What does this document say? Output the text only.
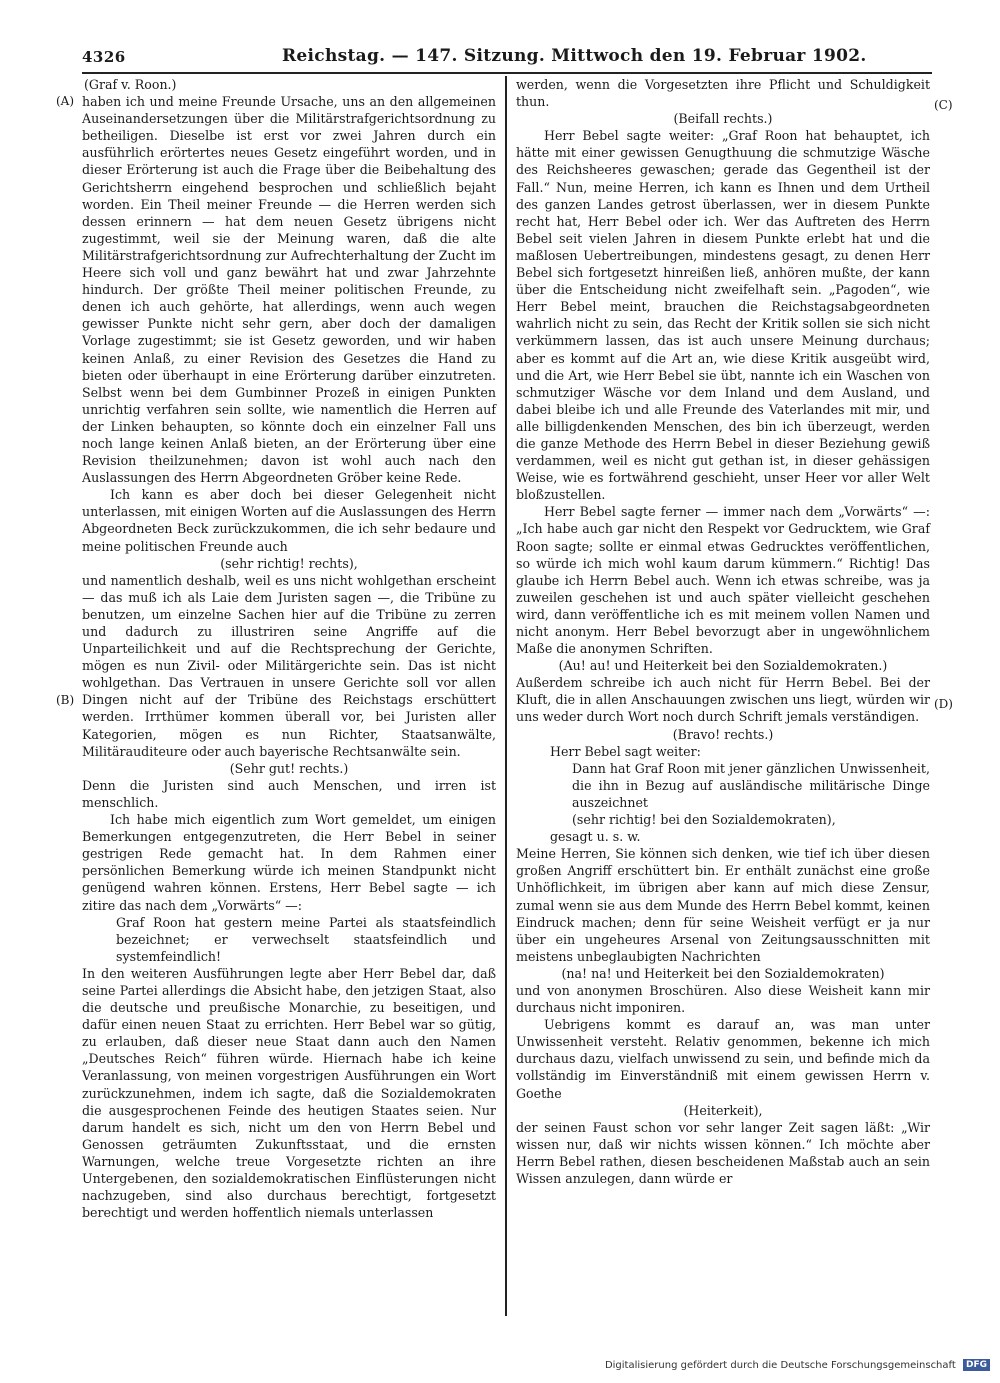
4326	Reichstag. — 147. Sitzung. Mittwoch den 19. Februar 1902.
(A)
(B)
(C)
(D)

(Graf v. Roon.)

haben ich und meine Freunde Ursache, uns an den allgemeinen Auseinandersetzungen über die Militärstrafgerichtsordnung zu betheiligen. Dieselbe ist erst vor zwei Jahren durch ein ausführlich erörtertes neues Gesetz eingeführt worden, und in dieser Erörterung ist auch die Frage über die Beibehaltung des Gerichtsherrn eingehend besprochen und schließlich bejaht worden. Ein Theil meiner Freunde — die Herren werden sich dessen erinnern — hat dem neuen Gesetz übrigens nicht zugestimmt, weil sie der Meinung waren, daß die alte Militärstrafgerichtsordnung zur Aufrechterhaltung der Zucht im Heere sich voll und ganz bewährt hat und zwar Jahrzehnte hindurch. Der größte Theil meiner politischen Freunde, zu denen ich auch gehörte, hat allerdings, wenn auch wegen gewisser Punkte nicht sehr gern, aber doch der damaligen Vorlage zugestimmt; sie ist Gesetz geworden, und wir haben keinen Anlaß, zu einer Revision des Gesetzes die Hand zu bieten oder überhaupt in eine Erörterung darüber einzutreten. Selbst wenn bei dem Gumbinner Prozeß in einigen Punkten unrichtig verfahren sein sollte, wie namentlich die Herren auf der Linken behaupten, so könnte doch ein einzelner Fall uns noch lange keinen Anlaß bieten, an der Erörterung über eine Revision theilzunehmen; davon ist wohl auch nach den Auslassungen des Herrn Abgeordneten Gröber keine Rede.

Ich kann es aber doch bei dieser Gelegenheit nicht unterlassen, mit einigen Worten auf die Auslassungen des Herrn Abgeordneten Beck zurückzukommen, die ich sehr bedaure und meine politischen Freunde auch

(sehr richtig! rechts),

und namentlich deshalb, weil es uns nicht wohlgethan erscheint — das muß ich als Laie dem Juristen sagen —, die Tribüne zu benutzen, um einzelne Sachen hier auf die Tribüne zu zerren und dadurch zu illustriren seine Angriffe auf die Unparteilichkeit und auf die Rechtsprechung der Gerichte, mögen es nun Zivil- oder Militärgerichte sein. Das ist nicht wohlgethan. Das Vertrauen in unsere Gerichte soll vor allen Dingen nicht auf der Tribüne des Reichstags erschüttert werden. Irrthümer kommen überall vor, bei Juristen aller Kategorien, mögen es nun Richter, Staatsanwälte, Militärauditeure oder auch bayerische Rechtsanwälte sein.

(Sehr gut! rechts.)

Denn die Juristen sind auch Menschen, und irren ist menschlich.

Ich habe mich eigentlich zum Wort gemeldet, um einigen Bemerkungen entgegenzutreten, die Herr Bebel in seiner gestrigen Rede gemacht hat. In dem Rahmen einer persönlichen Bemerkung würde ich meinen Standpunkt nicht genügend wahren können. Erstens, Herr Bebel sagte — ich zitire das nach dem „Vorwärts“ —:

Graf Roon hat gestern meine Partei als staatsfeindlich bezeichnet; er verwechselt staatsfeindlich und systemfeindlich!

In den weiteren Ausführungen legte aber Herr Bebel dar, daß seine Partei allerdings die Absicht habe, den jetzigen Staat, also die deutsche und preußische Monarchie, zu beseitigen, und dafür einen neuen Staat zu errichten. Herr Bebel war so gütig, zu erlauben, daß dieser neue Staat dann auch den Namen „Deutsches Reich“ führen würde. Hiernach habe ich keine Veranlassung, von meinen vorgestrigen Ausführungen ein Wort zurückzunehmen, indem ich sagte, daß die Sozialdemokraten die ausgesprochenen Feinde des heutigen Staates seien. Nur darum handelt es sich, nicht um den von Herrn Bebel und Genossen geträumten Zukunftsstaat, und die ernsten Warnungen, welche treue Vorgesetzte richten an ihre Untergebenen, den sozialdemokratischen Einflüsterungen nicht nachzugeben, sind also durchaus berechtigt, fortgesetzt berechtigt und werden hoffentlich niemals unterlassen

werden, wenn die Vorgesetzten ihre Pflicht und Schuldigkeit thun.

(Beifall rechts.)

Herr Bebel sagte weiter: „Graf Roon hat behauptet, ich hätte mit einer gewissen Genugthuung die schmutzige Wäsche des Reichsheeres gewaschen; gerade das Gegentheil ist der Fall.“ Nun, meine Herren, ich kann es Ihnen und dem Urtheil des ganzen Landes getrost überlassen, wer in diesem Punkte recht hat, Herr Bebel oder ich. Wer das Auftreten des Herrn Bebel seit vielen Jahren in diesem Punkte erlebt hat und die maßlosen Uebertreibungen, mindestens gesagt, zu denen Herr Bebel sich fortgesetzt hinreißen ließ, anhören mußte, der kann über die Entscheidung nicht zweifelhaft sein. „Pagoden“, wie Herr Bebel meint, brauchen die Reichstagsabgeordneten wahrlich nicht zu sein, das Recht der Kritik sollen sie sich nicht verkümmern lassen, das ist auch unsere Meinung durchaus; aber es kommt auf die Art an, wie diese Kritik ausgeübt wird, und die Art, wie Herr Bebel sie übt, nannte ich ein Waschen von schmutziger Wäsche vor dem Inland und dem Ausland, und dabei bleibe ich und alle Freunde des Vaterlandes mit mir, und alle billigdenkenden Menschen, des bin ich überzeugt, werden die ganze Methode des Herrn Bebel in dieser Beziehung gewiß verdammen, weil es nicht gut gethan ist, in dieser gehässigen Weise, wie es fortwährend geschieht, unser Heer vor aller Welt bloßzustellen.

Herr Bebel sagte ferner — immer nach dem „Vorwärts“ —: „Ich habe auch gar nicht den Respekt vor Gedrucktem, wie Graf Roon sagte; sollte er einmal etwas Gedrucktes veröffentlichen, so würde ich mich wohl kaum darum kümmern.“ Richtig! Das glaube ich Herrn Bebel auch. Wenn ich etwas schreibe, was ja zuweilen geschehen ist und auch später vielleicht geschehen wird, dann veröffentliche ich es mit meinem vollen Namen und nicht anonym. Herr Bebel bevorzugt aber in ungewöhnlichem Maße die anonymen Schriften.

(Au! au! und Heiterkeit bei den Sozialdemokraten.)

Außerdem schreibe ich auch nicht für Herrn Bebel. Bei der Kluft, die in allen Anschauungen zwischen uns liegt, würden wir uns weder durch Wort noch durch Schrift jemals verständigen.

(Bravo! rechts.)

Herr Bebel sagt weiter:

Dann hat Graf Roon mit jener gänzlichen Unwissenheit, die ihn in Bezug auf ausländische militärische Dinge auszeichnet

(sehr richtig! bei den Sozialdemokraten),

gesagt u. s. w.

Meine Herren, Sie können sich denken, wie tief ich über diesen großen Angriff erschüttert bin. Er enthält zunächst eine große Unhöflichkeit, im übrigen aber kann auf mich diese Zensur, zumal wenn sie aus dem Munde des Herrn Bebel kommt, keinen Eindruck machen; denn für seine Weisheit verfügt er ja nur über ein ungeheures Arsenal von Zeitungsausschnitten mit meistens unbeglaubigten Nachrichten

(na! na! und Heiterkeit bei den Sozialdemokraten)

und von anonymen Broschüren. Also diese Weisheit kann mir durchaus nicht imponiren.

Uebrigens kommt es darauf an, was man unter Unwissenheit versteht. Relativ genommen, bekenne ich mich durchaus dazu, vielfach unwissend zu sein, und befinde mich da vollständig im Einverständniß mit einem gewissen Herrn v. Goethe

(Heiterkeit),

der seinen Faust schon vor sehr langer Zeit sagen läßt: „Wir wissen nur, daß wir nichts wissen können.“ Ich möchte aber Herrn Bebel rathen, diesen bescheidenen Maßstab auch an sein Wissen anzulegen, dann würde er

Digitalisierung gefördert durch die Deutsche Forschungsgemeinschaft DFG
